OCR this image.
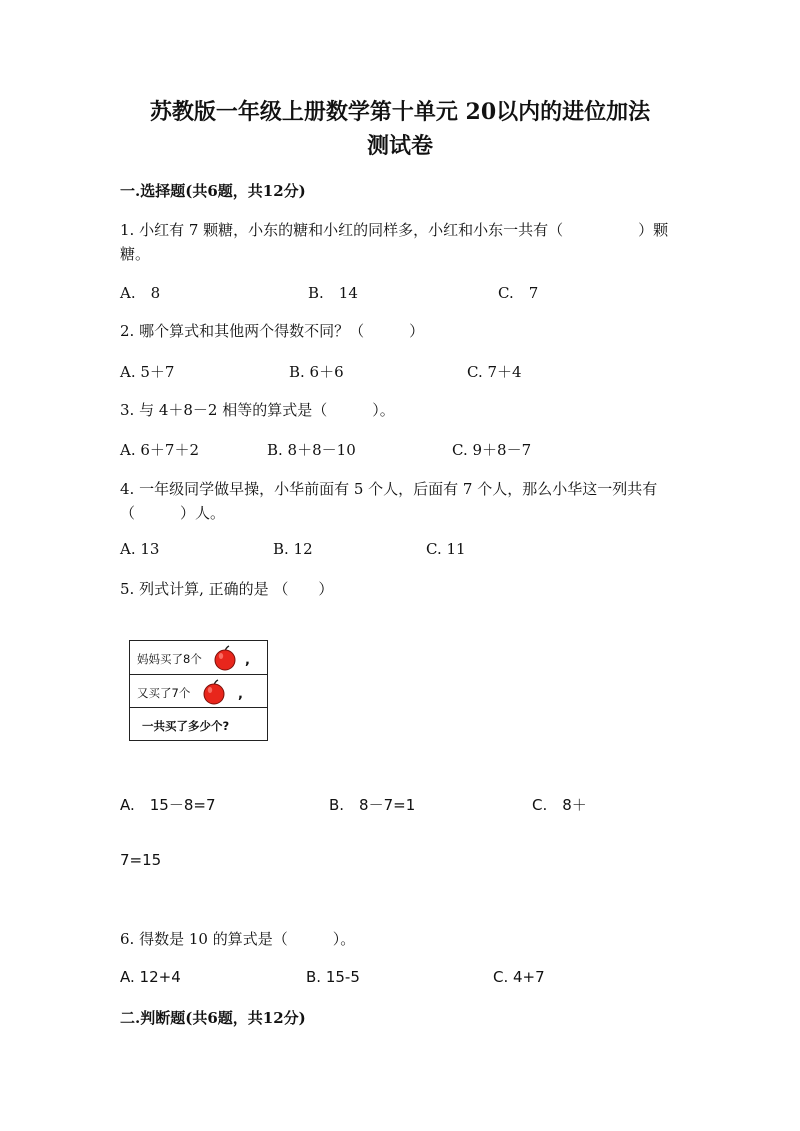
苏教版一年级上册数学第十单元 20以内的进位加法
测试卷
一.选择题(共6题，共12分)
1. 小红有 7 颗糖，小东的糖和小红的同样多，小红和小东一共有（　　　　　）颗糖。
A.　8	B.　14	C.　7
2. 哪个算式和其他两个得数不同？（　　　）
A. 5＋7	B. 6＋6	C. 7＋4
3. 与 4＋8－2 相等的算式是（　　　）。
A. 6＋7＋2	B. 8＋8－10	C. 9＋8－7
4. 一年级同学做早操，小华前面有 5 个人，后面有 7 个人，那么小华这一列共有（　　　）人。
A. 13	B. 12	C. 11
5. 列式计算, 正确的是 （　　）
妈妈买了8个	,
又买了7个	,
一共买了多少个?
A.　15－8=7	B.　8－7=1	C.　8＋
7=15
6. 得数是 10 的算式是（　　　）。
A. 12+4	B. 15-5	C. 4+7
二.判断题(共6题，共12分)
